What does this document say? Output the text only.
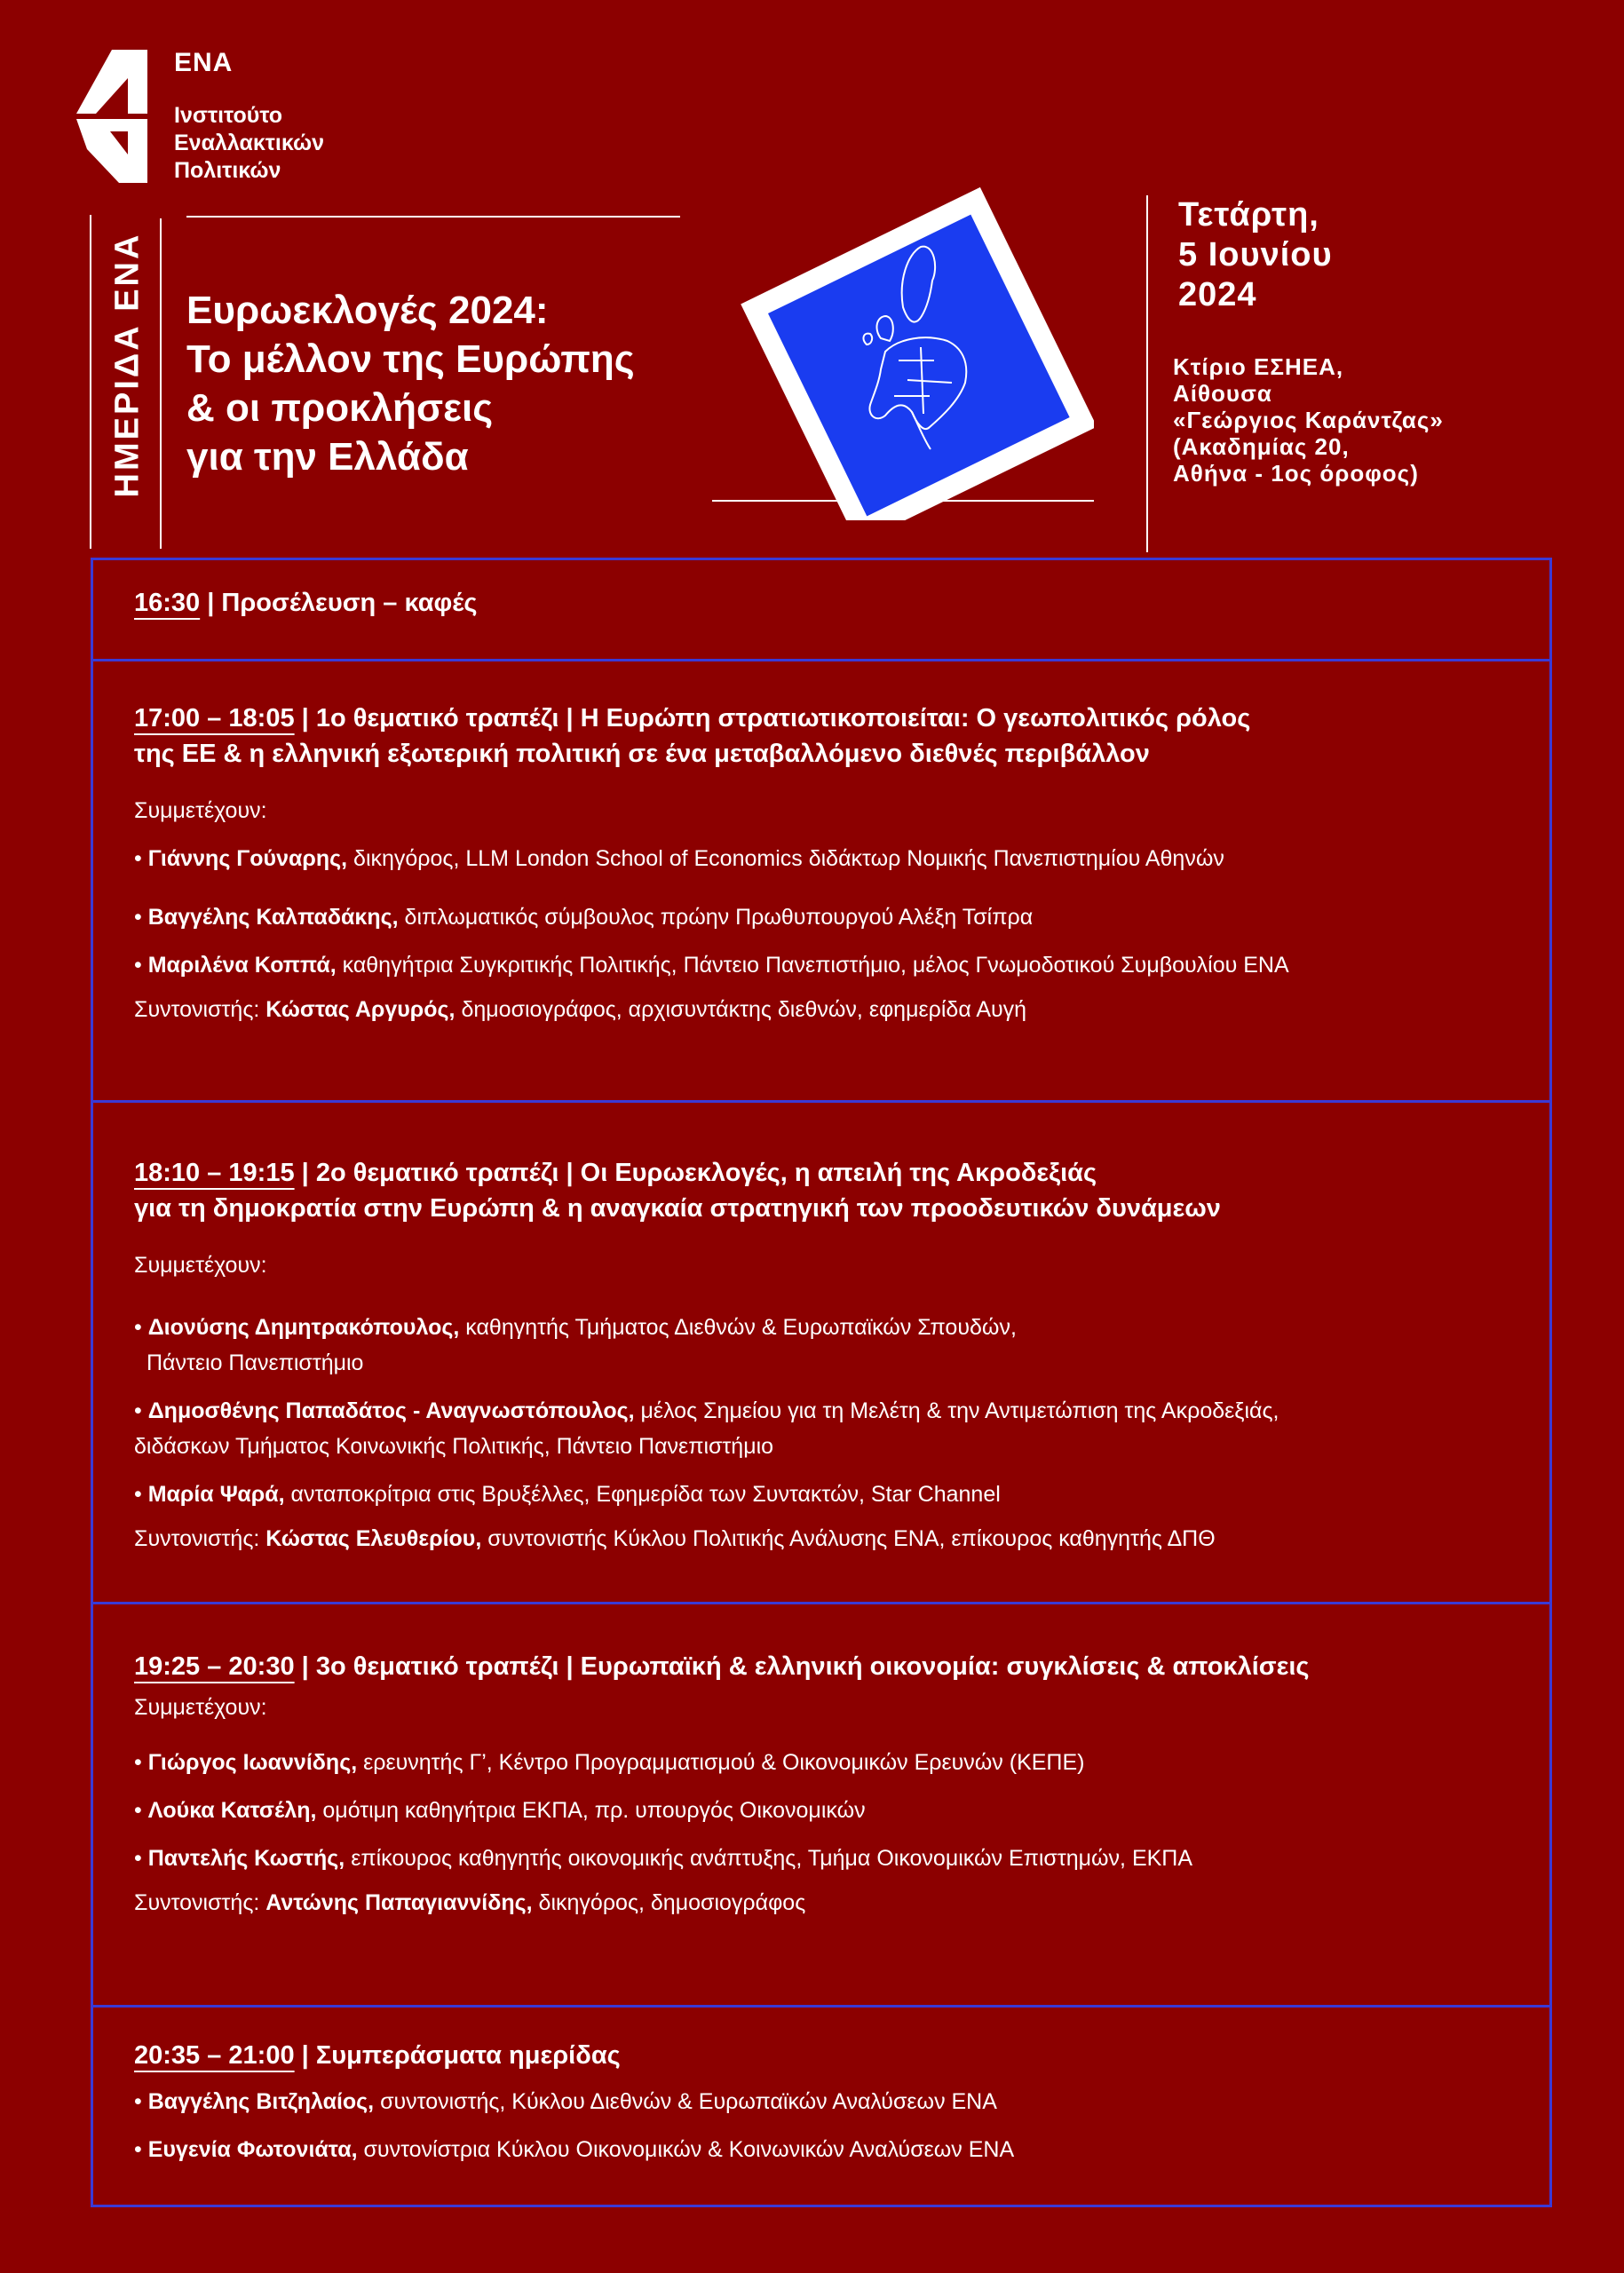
ΕΝΑ
Ινστιτούτο
Εναλλακτικών
Πολιτικών
ΗΜΕΡΙΔΑ ΕΝΑ Ευρωεκλογές 2024:
Το μέλλον της Ευρώπης
& οι προκλήσεις
για την Ελλάδα
Τετάρτη,
5 Ιουνίου
2024
Κτίριο ΕΣΗΕΑ,
Αίθουσα
«Γεώργιος Καράντζας»
(Ακαδημίας 20,
Αθήνα - 1ος όροφος)
16:30 | Προσέλευση – καφές
17:00 – 18:05 | 1ο θεματικό τραπέζι | Η Ευρώπη στρατιωτικοποιείται: Ο γεωπολιτικός ρόλος
της ΕΕ & η ελληνική εξωτερική πολιτική σε ένα μεταβαλλόμενο διεθνές περιβάλλον
Συμμετέχουν:
• Γιάννης Γούναρης, δικηγόρος, LLM London School of Economics διδάκτωρ Νομικής Πανεπιστημίου Αθηνών
• Βαγγέλης Καλπαδάκης, διπλωματικός σύμβουλος πρώην Πρωθυπουργού Αλέξη Τσίπρα
• Μαριλένα Κοππά, καθηγήτρια Συγκριτικής Πολιτικής, Πάντειο Πανεπιστήμιο, μέλος Γνωμοδοτικού Συμβουλίου ΕΝΑ
Συντονιστής: Κώστας Αργυρός, δημοσιογράφος, αρχισυντάκτης διεθνών, εφημερίδα Αυγή
18:10 – 19:15 | 2ο θεματικό τραπέζι | Οι Ευρωεκλογές, η απειλή της Ακροδεξιάς
για τη δημοκρατία στην Ευρώπη & η αναγκαία στρατηγική των προοδευτικών δυνάμεων
Συμμετέχουν:
• Διονύσης Δημητρακόπουλος, καθηγητής Τμήματος Διεθνών & Ευρωπαϊκών Σπουδών,
Πάντειο Πανεπιστήμιο
• Δημοσθένης Παπαδάτος - Αναγνωστόπουλος, μέλος Σημείου για τη Μελέτη & την Αντιμετώπιση της Ακροδεξιάς,
διδάσκων Τμήματος Κοινωνικής Πολιτικής, Πάντειο Πανεπιστήμιο
• Μαρία Ψαρά, ανταποκρίτρια στις Βρυξέλλες, Εφημερίδα των Συντακτών, Star Channel
Συντονιστής: Κώστας Ελευθερίου, συντονιστής Κύκλου Πολιτικής Ανάλυσης ΕΝΑ, επίκουρος καθηγητής ΔΠΘ
19:25 – 20:30 | 3ο θεματικό τραπέζι | Ευρωπαϊκή & ελληνική οικονομία: συγκλίσεις & αποκλίσεις
Συμμετέχουν:
• Γιώργος Ιωαννίδης, ερευνητής Γ’, Κέντρο Προγραμματισμού & Οικονομικών Ερευνών (ΚΕΠΕ)
• Λούκα Κατσέλη, ομότιμη καθηγήτρια ΕΚΠΑ, πρ. υπουργός Οικονομικών
• Παντελής Κωστής, επίκουρος καθηγητής οικονομικής ανάπτυξης, Τμήμα Οικονομικών Επιστημών, ΕΚΠΑ
Συντονιστής: Αντώνης Παπαγιαννίδης, δικηγόρος, δημοσιογράφος
20:35 – 21:00 | Συμπεράσματα ημερίδας
• Βαγγέλης Βιτζηλαίος, συντονιστής, Κύκλου Διεθνών & Ευρωπαϊκών Αναλύσεων ΕΝΑ
• Ευγενία Φωτονιάτα, συντονίστρια Κύκλου Οικονομικών & Κοινωνικών Αναλύσεων ΕΝΑ
